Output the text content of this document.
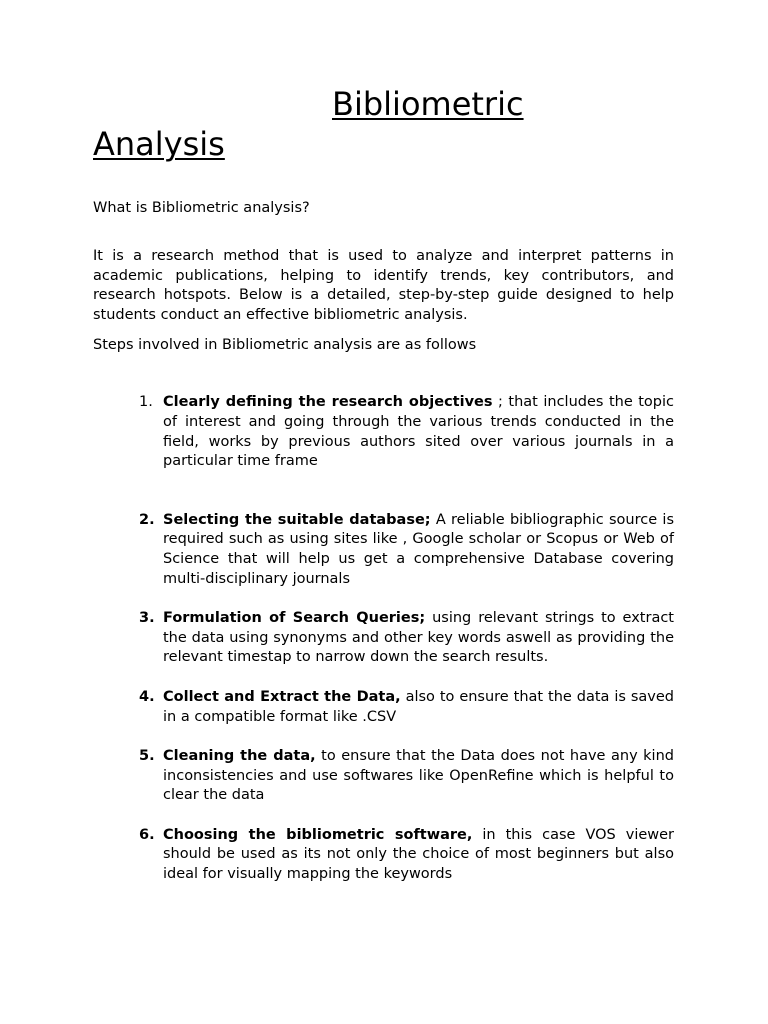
Bibliometric
Analysis

What is Bibliometric analysis?

It is a research method that is used to analyze and interpret patterns in academic publications, helping to identify trends, key contributors, and research hotspots. Below is a detailed, step-by-step guide designed to help students conduct an effective bibliometric analysis.

Steps involved in Bibliometric analysis are as follows

1. Clearly defining the research objectives ; that includes the topic of interest and going through the various trends conducted in the field, works by previous authors sited over various journals in a particular time frame
2. Selecting the suitable database; A reliable bibliographic source is required such as using sites like , Google scholar or Scopus or Web of Science that will help us get a comprehensive Database covering multi-disciplinary journals
3. Formulation of Search Queries; using relevant strings to extract the data using synonyms and other key words aswell as providing the relevant timestap to narrow down the search results.
4. Collect and Extract the Data, also to ensure that the data is saved in a compatible format like .CSV
5. Cleaning the data, to ensure that the Data does not have any kind inconsistencies and use softwares like OpenRefine which is helpful to clear the data
6. Choosing the bibliometric software, in this case VOS viewer should be used as its not only the choice of most beginners but also ideal for visually mapping the keywords
